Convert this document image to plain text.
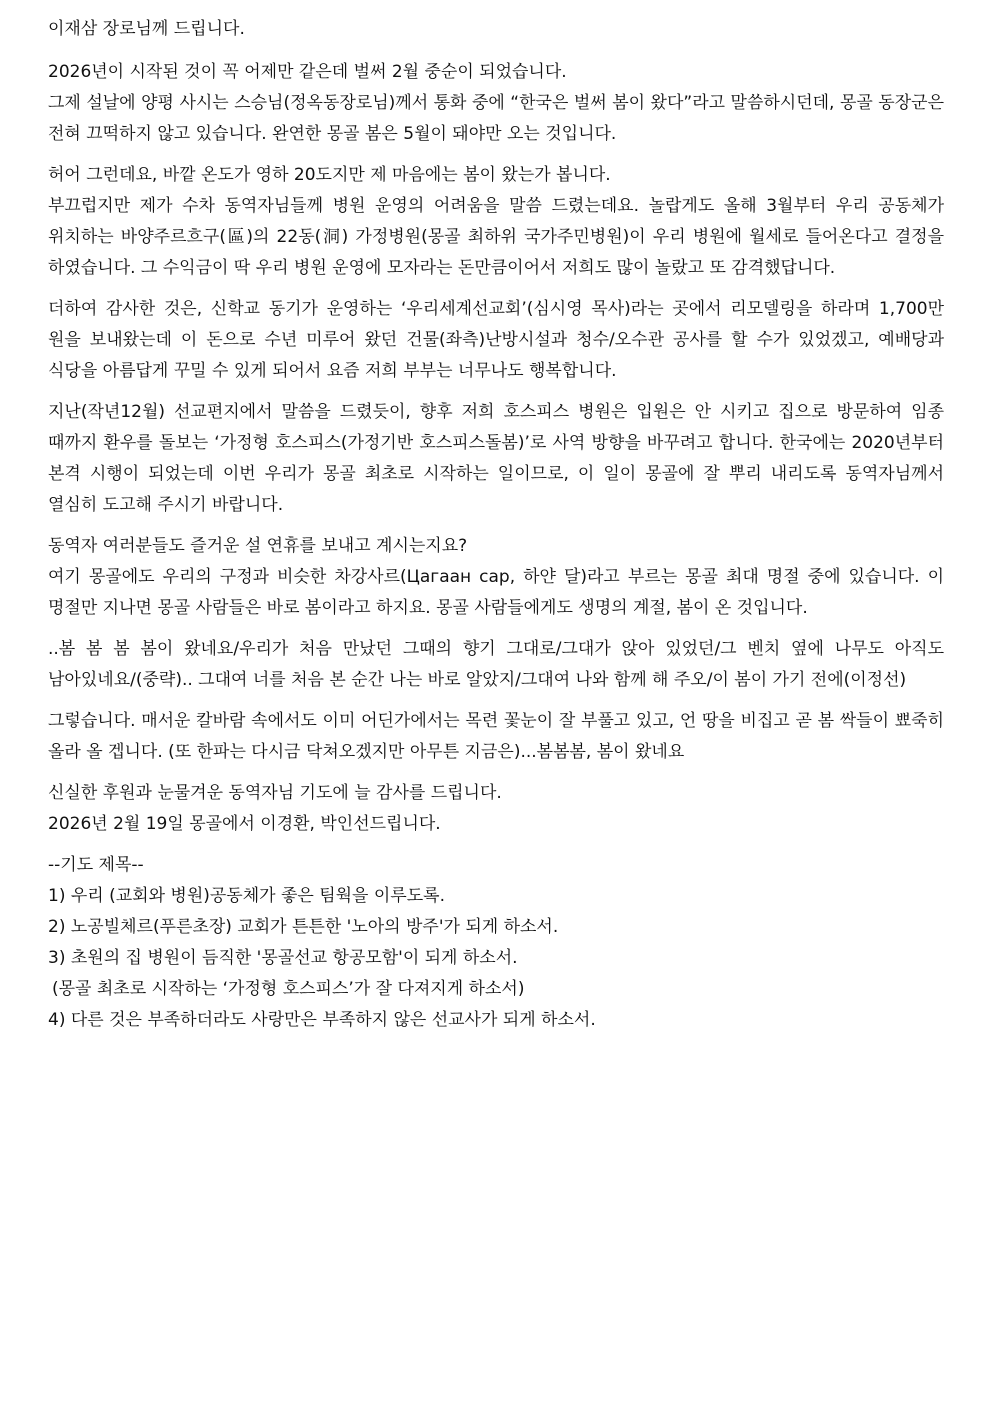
이재삼 장로님께 드립니다.

2026년이 시작된 것이 꼭 어제만 같은데 벌써 2월 중순이 되었습니다.
그제 설날에 양평 사시는 스승님(정옥동장로님)께서 통화 중에 “한국은 벌써 봄이 왔다”라고 말씀하시던데, 몽골 동장군은 전혀 끄떡하지 않고 있습니다. 완연한 몽골 봄은 5월이 돼야만 오는 것입니다.
허어 그런데요, 바깥 온도가 영하 20도지만 제 마음에는 봄이 왔는가 봅니다.
부끄럽지만 제가 수차 동역자님들께 병원 운영의 어려움을 말씀 드렸는데요. 놀랍게도 올해 3월부터 우리 공동체가 위치하는 바양주르흐구(區)의 22동(洞) 가정병원(몽골 최하위 국가주민병원)이 우리 병원에 월세로 들어온다고 결정을 하였습니다. 그 수익금이 딱 우리 병원 운영에 모자라는 돈만큼이어서 저희도 많이 놀랐고 또 감격했답니다.
더하여 감사한 것은, 신학교 동기가 운영하는 ‘우리세계선교회’(심시영 목사)라는 곳에서 리모델링을 하라며 1,700만 원을 보내왔는데 이 돈으로 수년 미루어 왔던 건물(좌측)난방시설과 청수/오수관 공사를 할 수가 있었겠고, 예배당과 식당을 아름답게 꾸밀 수 있게 되어서 요즘 저희 부부는 너무나도 행복합니다.
지난(작년12월) 선교편지에서 말씀을 드렸듯이, 향후 저희 호스피스 병원은 입원은 안 시키고 집으로 방문하여 임종 때까지 환우를 돌보는 ‘가정형 호스피스(가정기반 호스피스돌봄)’로 사역 방향을 바꾸려고 합니다. 한국에는 2020년부터 본격 시행이 되었는데 이번 우리가 몽골 최초로 시작하는 일이므로, 이 일이 몽골에 잘 뿌리 내리도록 동역자님께서 열심히 도고해 주시기 바랍니다.
동역자 여러분들도 즐거운 설 연휴를 보내고 계시는지요?
여기 몽골에도 우리의 구정과 비슷한 차강사르(Цагаан сар, 하얀 달)라고 부르는 몽골 최대 명절 중에 있습니다. 이 명절만 지나면 몽골 사람들은 바로 봄이라고 하지요. 몽골 사람들에게도 생명의 계절, 봄이 온 것입니다.
..봄 봄 봄 봄이 왔네요/우리가 처음 만났던 그때의 향기 그대로/그대가 앉아 있었던/그 벤치 옆에 나무도 아직도 남아있네요/(중략).. 그대여 너를 처음 본 순간 나는 바로 알았지/그대여 나와 함께 해 주오/이 봄이 가기 전에(이정선)
그렇습니다. 매서운 칼바람 속에서도 이미 어딘가에서는 목련 꽃눈이 잘 부풀고 있고, 언 땅을 비집고 곧 봄 싹들이 뾰죽히 올라 올 겝니다. (또 한파는 다시금 닥쳐오겠지만 아무튼 지금은)...봄봄봄, 봄이 왔네요
신실한 후원과 눈물겨운 동역자님 기도에 늘 감사를 드립니다.
2026년 2월 19일 몽골에서 이경환, 박인선드립니다.
--기도 제목--
1) 우리 (교회와 병원)공동체가 좋은 팀웍을 이루도록.
2) 노공빌체르(푸른초장) 교회가 튼튼한 '노아의 방주'가 되게 하소서.
3) 초원의 집 병원이 듬직한 '몽골선교 항공모함'이 되게 하소서.
(몽골 최초로 시작하는 ‘가정형 호스피스’가 잘 다져지게 하소서)
4) 다른 것은 부족하더라도 사랑만은 부족하지 않은 선교사가 되게 하소서.
